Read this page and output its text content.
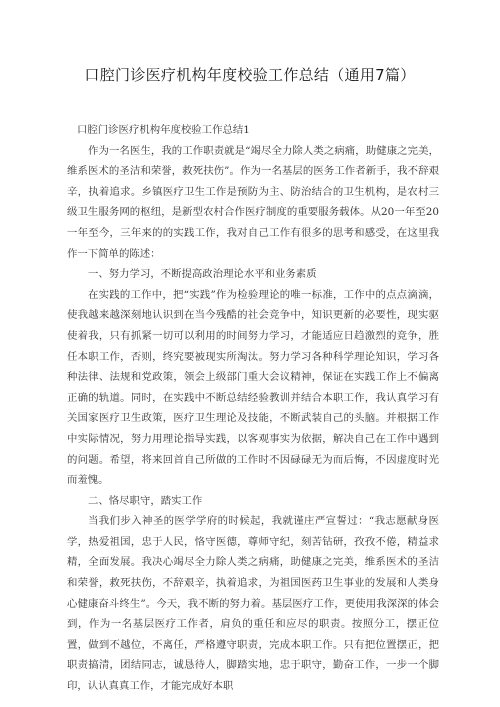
口腔门诊医疗机构年度校验工作总结（通用7篇）

口腔门诊医疗机构年度校验工作总结1

作为一名医生，我的工作职责就是“竭尽全力除人类之病痛，助健康之完美，维系医术的圣洁和荣誉，救死扶伤”。作为一名基层的医务工作者新手，我不辞艰辛，执着追求。乡镇医疗卫生工作是预防为主、防治结合的卫生机构，是农村三级卫生服务网的枢纽，是新型农村合作医疗制度的重要服务载体。从20一年至20一年至今，三年来的的实践工作，我对自己工作有很多的思考和感受，在这里我作一下简单的陈述：

一、努力学习，不断提高政治理论水平和业务素质

在实践的工作中，把“实践”作为检验理论的唯一标准，工作中的点点滴滴，使我越来越深刻地认识到在当今残酷的社会竞争中，知识更新的必要性，现实驱使着我，只有抓紧一切可以利用的时间努力学习，才能适应日趋激烈的竞争，胜任本职工作，否则，终究要被现实所淘汰。努力学习各种科学理论知识，学习各种法律、法规和党政策，领会上级部门重大会议精神，保证在实践工作上不偏离正确的轨道。同时，在实践中不断总结经验教训并结合本职工作，我认真学习有关国家医疗卫生政策，医疗卫生理论及技能，不断武装自己的头脑。并根据工作中实际情况，努力用理论指导实践，以客观事实为依据，解决自己在工作中遇到的问题。希望，将来回首自己所做的工作时不因碌碌无为而后悔，不因虚度时光而羞愧。

二、恪尽职守，踏实工作

当我们步入神圣的医学学府的时候起，我就谨庄严宣誓过：“我志愿献身医学，热爱祖国，忠于人民，恪守医德，尊师守纪，刻苦钻研，孜孜不倦，精益求精，全面发展。我决心竭尽全力除人类之病痛，助健康之完美，维系医术的圣洁和荣誉，救死扶伤，不辞艰辛，执着追求，为祖国医药卫生事业的发展和人类身心健康奋斗终生”。今天，我不断的努力着。基层医疗工作，更使用我深深的体会到，作为一名基层医疗工作者，肩负的重任和应尽的职责。按照分工，摆正位置，做到不越位，不离任，严格遵守职责，完成本职工作。只有把位置摆正，把职责搞清，团结同志，诚恳待人，脚踏实地，忠于职守，勤奋工作，一步一个脚印，认认真真工作，才能完成好本职
